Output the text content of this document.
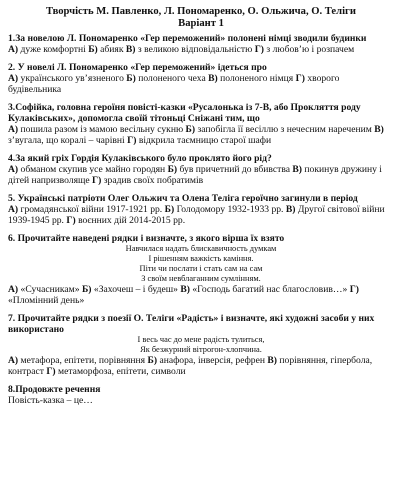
Творчість М. Павленко, Л. Пономаренко, О. Ольжича, О. Теліги
Варіант 1

1.За новелою Л. Пономаренко «Гер переможений» полонені німці зводили будинки

А) дуже комфортні Б) абияк В) з великою відповідальністю Г) з любов’ю і розпачем

2. У новелі Л. Пономаренко «Гер переможений» ідеться про

А) українського ув’язненого Б) полоненого чеха В) полоненого німця Г) хворого будівельника

3.Софійка, головна героїня повісті-казки «Русалонька із 7-В, або Прокляття роду Кулаківських», допомогла своїй тітоньці Сніжані тим, що

А) пошила разом із мамою весільну сукню Б) запобігла її весіллю з нечесним нареченим В) з’вугала, що коралі – чарівні Г) відкрила таємницю старої шафи

4.За який гріх Гордія Кулаківського було проклято його рід?

А) обманом скупив усе майно городян Б) був причетний до вбивства В) покинув дружину і дітей напризволяще Г) зрадив своїх побратимів

5. Українські патріоти Олег Ольжич та Олена Теліга героїчно загинули в період

А) громадянської війни 1917-1921 рр. Б) Голодомору 1932-1933 рр. В) Другої світової війни 1939-1945 рр. Г) воєнних дій 2014-2015 рр.

6. Прочитайте наведені рядки і визначте, з якого вірша їх взято

Навчилася надать блискавичность думкам
І рішенням важкість каміння.
Піти чи послати і стать сам на сам
З своїм невблаганним сумлінням.

А) «Сучасникам» Б) «Захочеш – і будеш» В) «Господь багатий нас благословив…» Г) «Пломінний день»

7. Прочитайте рядки з поезії О. Теліги «Радість» і визначте, які художні засоби у них використано

І весь час до мене радість тулиться,
Як безжурний вітрогон-хлопчина.

А) метафора, епітети, порівняння Б) анафора, інверсія, рефрен В) порівняння, гіпербола, контраст Г) метаморфоза, епітети, символи

8.Продовжте речення

Повість-казка – це…
